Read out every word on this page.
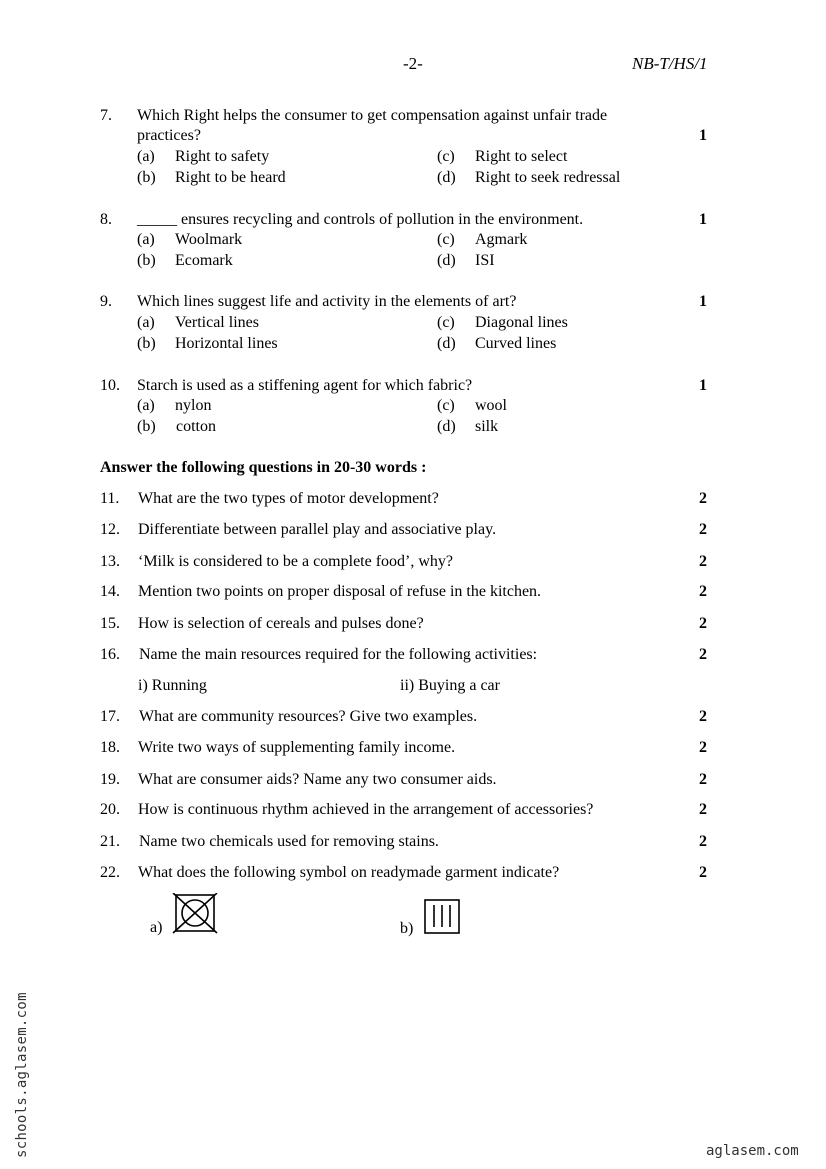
-2-	NB-T/HS/1
7. Which Right helps the consumer to get compensation against unfair trade
practices?	1
(a) Right to safety
(b) Right to be heard
(c) Right to select
(d) Right to seek redressal
8. _____ ensures recycling and controls of pollution in the environment.	1
(a) Woolmark
(b) Ecomark
(c) Agmark
(d) ISI
9. Which lines suggest life and activity in the elements of art?	1
(a) Vertical lines
(b) Horizontal lines
(c) Diagonal lines
(d) Curved lines
10. Starch is used as a stiffening agent for which fabric?	1
(a) nylon
(b) cotton
(c) wool
(d) silk
Answer the following questions in 20-30 words :
11. What are the two types of motor development?	2
12. Differentiate between parallel play and associative play.	2
13. ‘Milk is considered to be a complete food’, why?	2
14. Mention two points on proper disposal of refuse in the kitchen.	2
15. How is selection of cereals and pulses done?	2
16. Name the main resources required for the following activities:	2
i) Running	ii) Buying a car
17. What are community resources? Give two examples.	2
18. Write two ways of supplementing family income.	2
19. What are consumer aids? Name any two consumer aids.	2
20. How is continuous rhythm achieved in the arrangement of accessories?	2
21. Name two chemicals used for removing stains.	2
22. What does the following symbol on readymade garment indicate?	2
a)	b)
schools.aglasem.com	aglasem.com
